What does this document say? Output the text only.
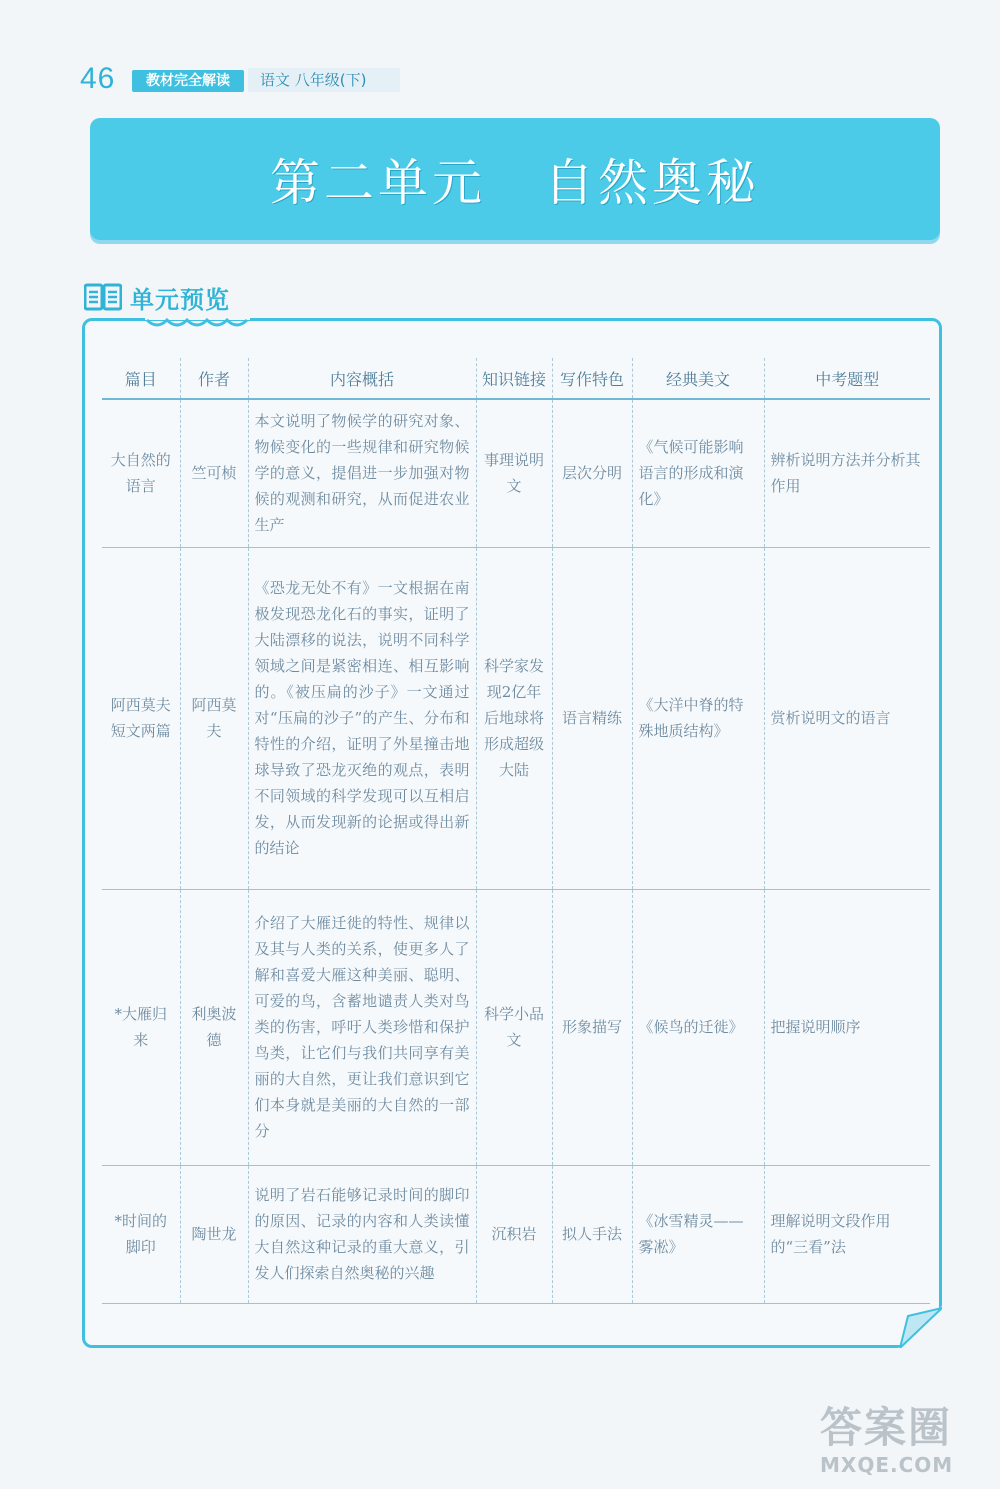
46	教材完全解读	语文 八年级(下)
第二单元 自然奥秘
单元预览
篇目	作者	内容概括	知识链接	写作特色	经典美文	中考题型
大自然的语言	竺可桢	本文说明了物候学的研究对象、物候变化的一些规律和研究物候学的意义，提倡进一步加强对物候的观测和研究，从而促进农业生产	事理说明文	层次分明	《气候可能影响语言的形成和演化》	辨析说明方法并分析其作用
阿西莫夫短文两篇	阿西莫夫	《恐龙无处不有》一文根据在南极发现恐龙化石的事实，证明了大陆漂移的说法，说明不同科学领域之间是紧密相连、相互影响的。《被压扁的沙子》一文通过对“压扁的沙子”的产生、分布和特性的介绍，证明了外星撞击地球导致了恐龙灭绝的观点，表明不同领域的科学发现可以互相启发，从而发现新的论据或得出新的结论	科学家发现2亿年后地球将形成超级大陆	语言精练	《大洋中脊的特殊地质结构》	赏析说明文的语言
*大雁归来	利奥波德	介绍了大雁迁徙的特性、规律以及其与人类的关系，使更多人了解和喜爱大雁这种美丽、聪明、可爱的鸟，含蓄地谴责人类对鸟类的伤害，呼吁人类珍惜和保护鸟类，让它们与我们共同享有美丽的大自然，更让我们意识到它们本身就是美丽的大自然的一部分	科学小品文	形象描写	《候鸟的迁徙》	把握说明顺序
*时间的脚印	陶世龙	说明了岩石能够记录时间的脚印的原因、记录的内容和人类读懂大自然这种记录的重大意义，引发人们探索自然奥秘的兴趣	沉积岩	拟人手法	《冰雪精灵——雾凇》	理解说明文段作用的“三看”法
答案圈
MXQE.COM
